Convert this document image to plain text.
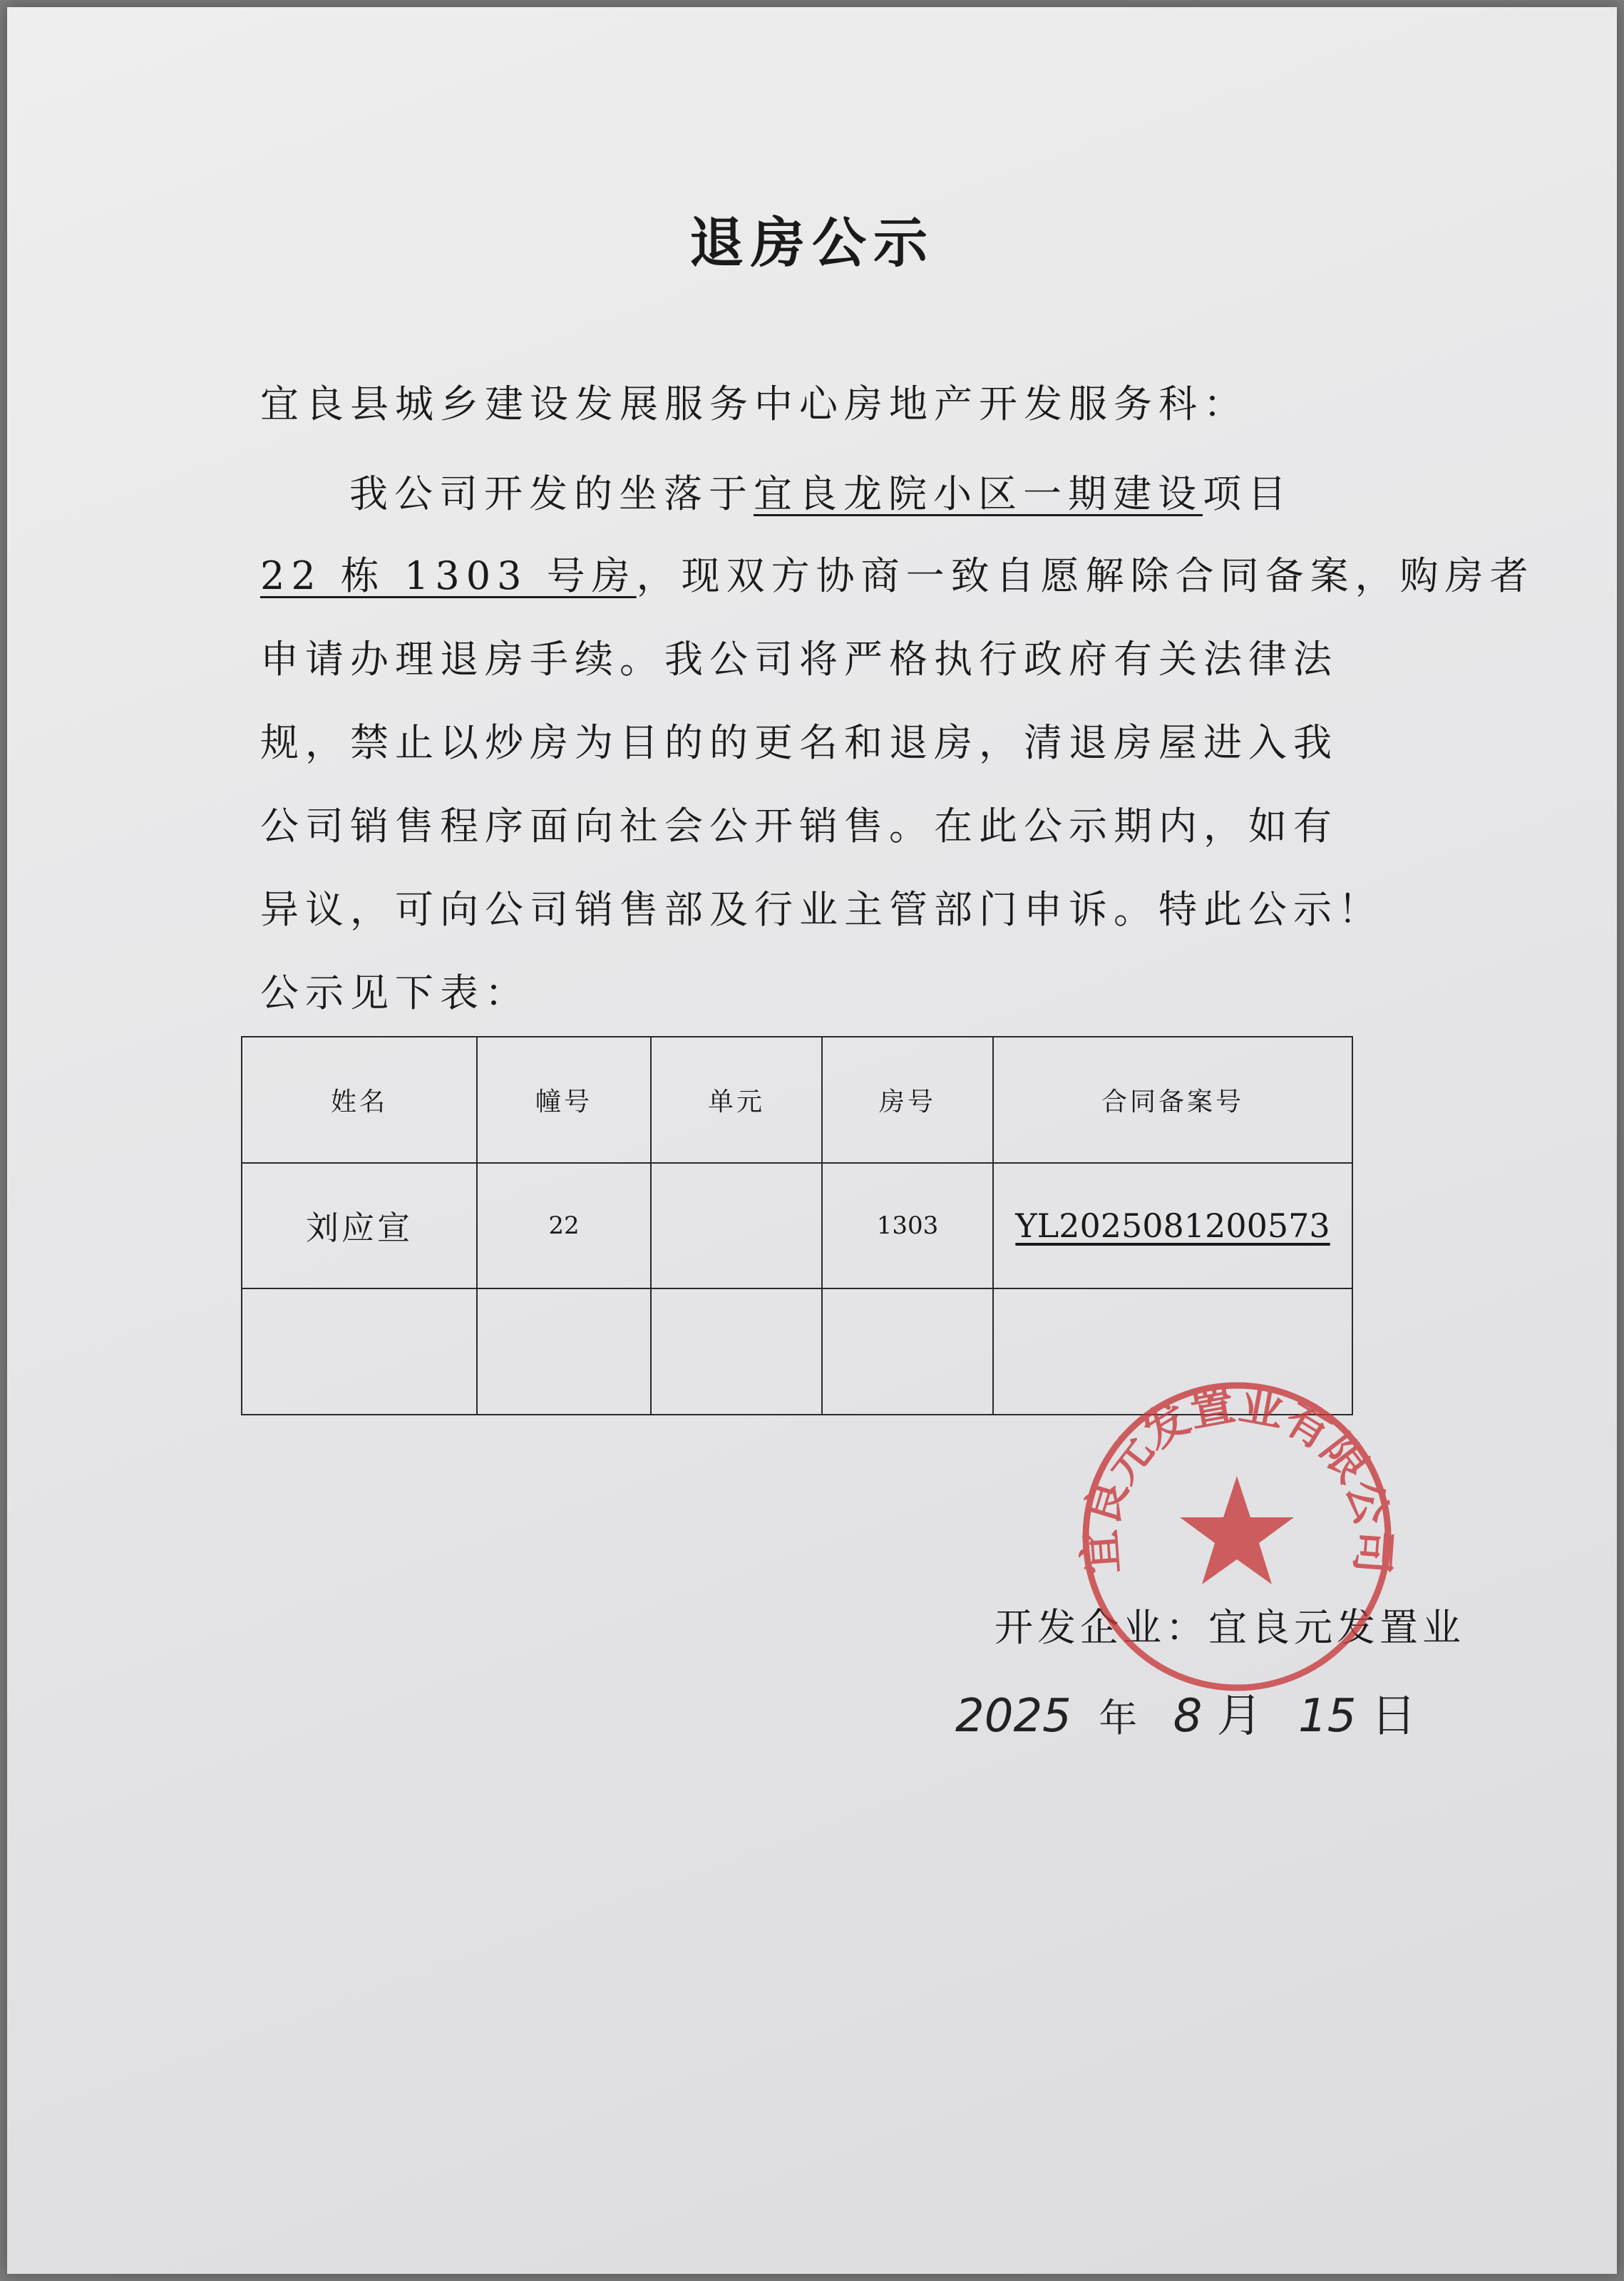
退房公示
宜良县城乡建设发展服务中心房地产开发服务科：
我公司开发的坐落于宜良龙院小区一期建设项目
22 栋 1303 号房，现双方协商一致自愿解除合同备案，购房者
申请办理退房手续。我公司将严格执行政府有关法律法
规，禁止以炒房为目的的更名和退房，清退房屋进入我
公司销售程序面向社会公开销售。在此公示期内，如有
异议，可向公司销售部及行业主管部门申诉。特此公示！
公示见下表：
姓名	幢号	单元	房号	合同备案号
刘应宣	22		1303	YL2025081200573

开发企业：宜良元发置业
2025 年 8 月 15 日
宜良元发置业有限公司
